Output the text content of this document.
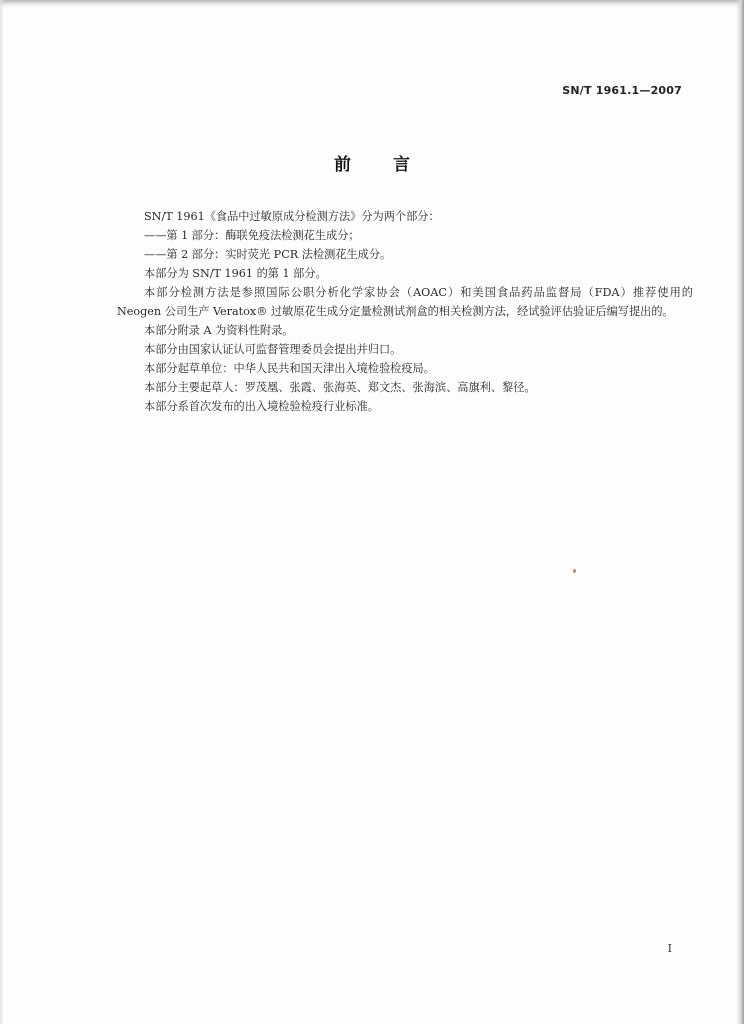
SN/T 1961.1—2007
前言

SN/T 1961《食品中过敏原成分检测方法》分为两个部分：

——第 1 部分：酶联免疫法检测花生成分；

——第 2 部分：实时荧光 PCR 法检测花生成分。

本部分为 SN/T 1961 的第 1 部分。

本部分检测方法是参照国际公职分析化学家协会（AOAC）和美国食品药品监督局（FDA）推荐使用的 Neogen 公司生产 Veratox® 过敏原花生成分定量检测试剂盒的相关检测方法，经试验评估验证后编写提出的。

本部分附录 A 为资料性附录。

本部分由国家认证认可监督管理委员会提出并归口。

本部分起草单位：中华人民共和国天津出入境检验检疫局。

本部分主要起草人：罗茂凰、张霞、张海英、郑文杰、张海滨、高旗利、黎径。

本部分系首次发布的出入境检验检疫行业标准。

I
